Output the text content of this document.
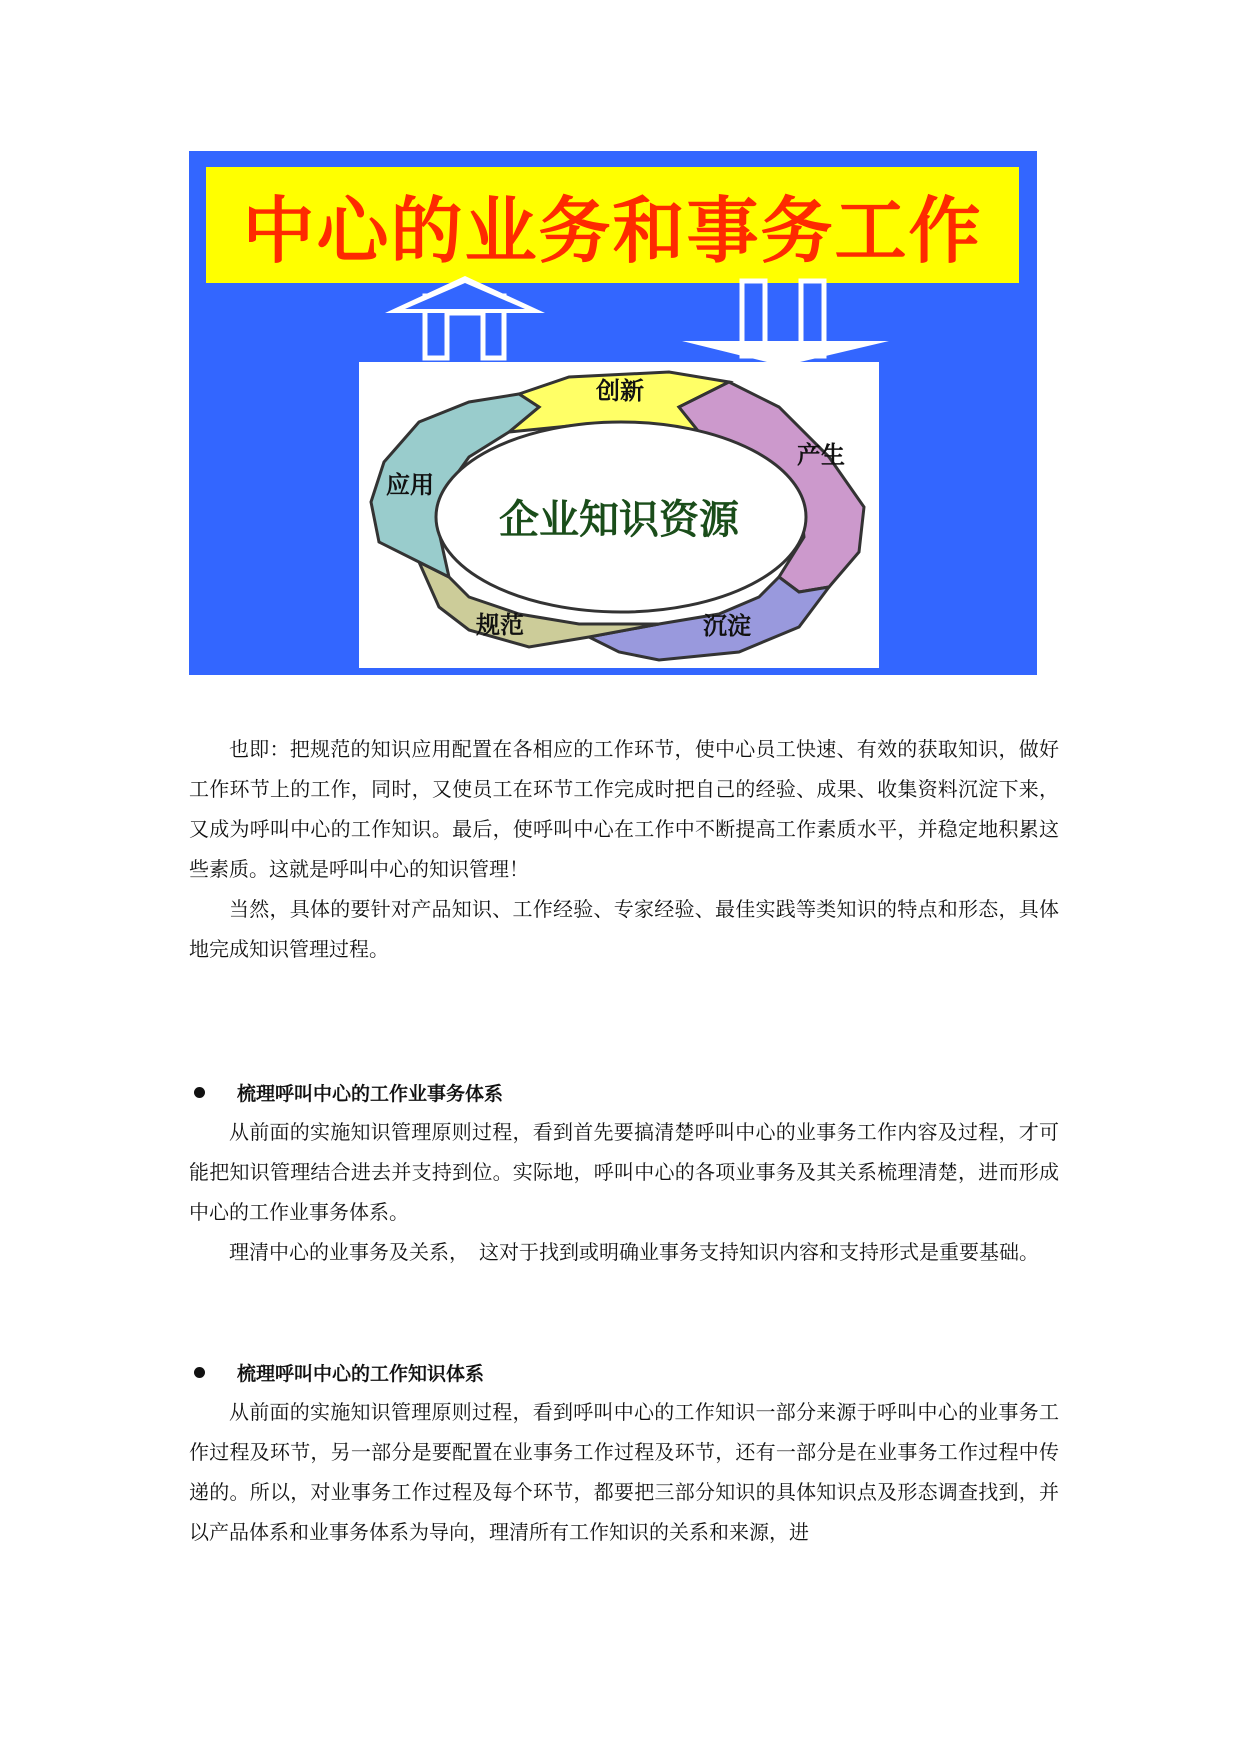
中心的业务和事务工作
企业知识资源
创新
产生
沉淀
规范
应用

也即：把规范的知识应用配置在各相应的工作环节，使中心员工快速、有效的获取知识，做好工作环节上的工作，同时，又使员工在环节工作完成时把自己的经验、成果、收集资料沉淀下来，又成为呼叫中心的工作知识。最后，使呼叫中心在工作中不断提高工作素质水平，并稳定地积累这些素质。这就是呼叫中心的知识管理！

当然，具体的要针对产品知识、工作经验、专家经验、最佳实践等类知识的特点和形态，具体地完成知识管理过程。

梳理呼叫中心的工作业事务体系

从前面的实施知识管理原则过程，看到首先要搞清楚呼叫中心的业事务工作内容及过程，才可能把知识管理结合进去并支持到位。实际地，呼叫中心的各项业事务及其关系梳理清楚，进而形成中心的工作业事务体系。

理清中心的业事务及关系，　这对于找到或明确业事务支持知识内容和支持形式是重要基础。

梳理呼叫中心的工作知识体系

从前面的实施知识管理原则过程，看到呼叫中心的工作知识一部分来源于呼叫中心的业事务工作过程及环节，另一部分是要配置在业事务工作过程及环节，还有一部分是在业事务工作过程中传递的。所以，对业事务工作过程及每个环节，都要把三部分知识的具体知识点及形态调查找到，并以产品体系和业事务体系为导向，理清所有工作知识的关系和来源，进
